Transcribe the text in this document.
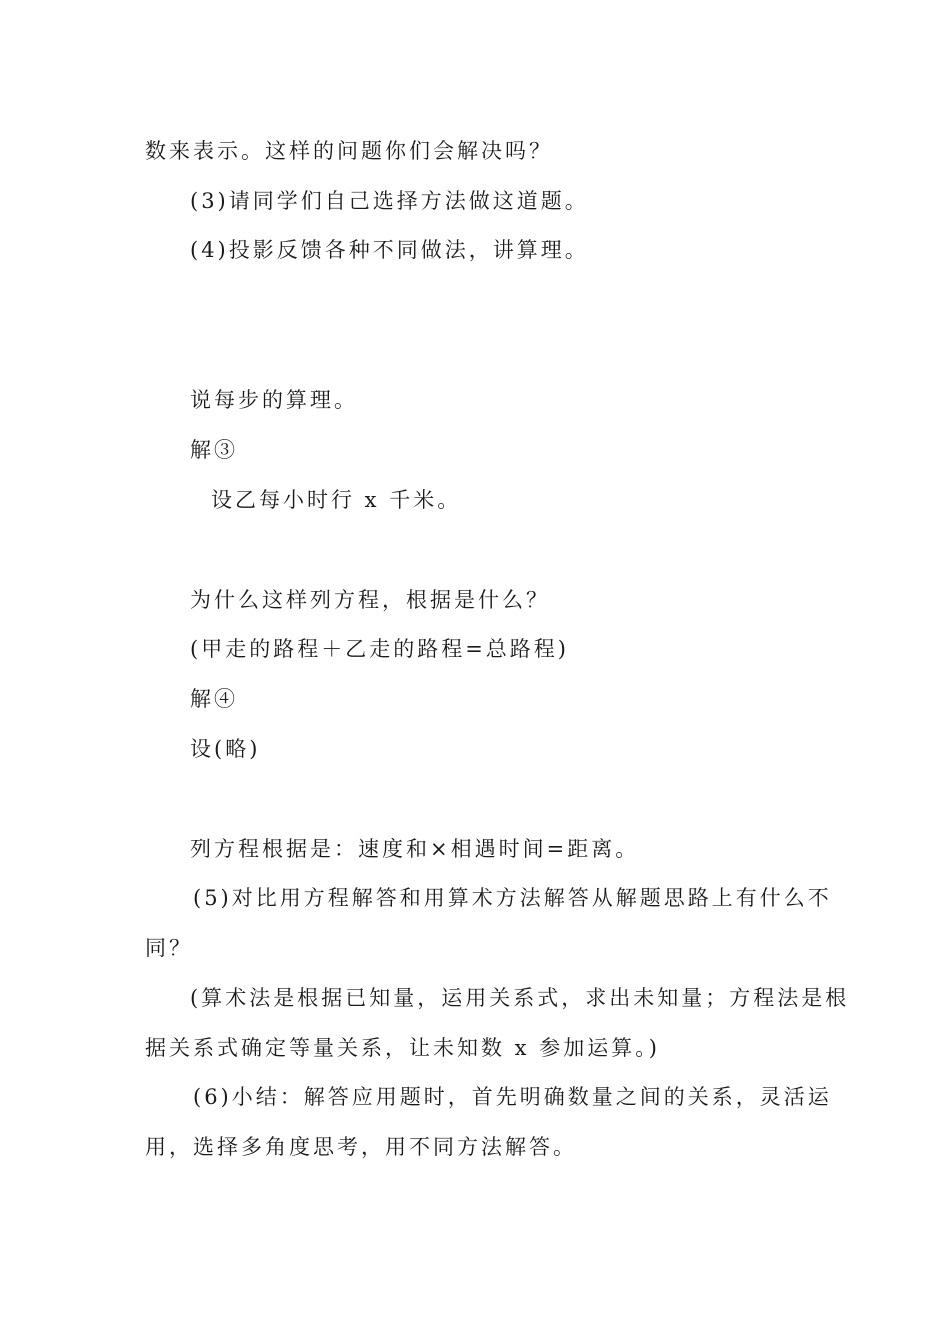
数来表示。这样的问题你们会解决吗？
(3)请同学们自己选择方法做这道题。
(4)投影反馈各种不同做法，讲算理。
说每步的算理。
解③
设乙每小时行 x 千米。
为什么这样列方程，根据是什么？
(甲走的路程＋乙走的路程=总路程)
解④
设(略)
列方程根据是：速度和×相遇时间=距离。
(5)对比用方程解答和用算术方法解答从解题思路上有什么不
同？
(算术法是根据已知量，运用关系式，求出未知量；方程法是根
据关系式确定等量关系，让未知数 x 参加运算。)
(6)小结：解答应用题时，首先明确数量之间的关系，灵活运
用，选择多角度思考，用不同方法解答。
